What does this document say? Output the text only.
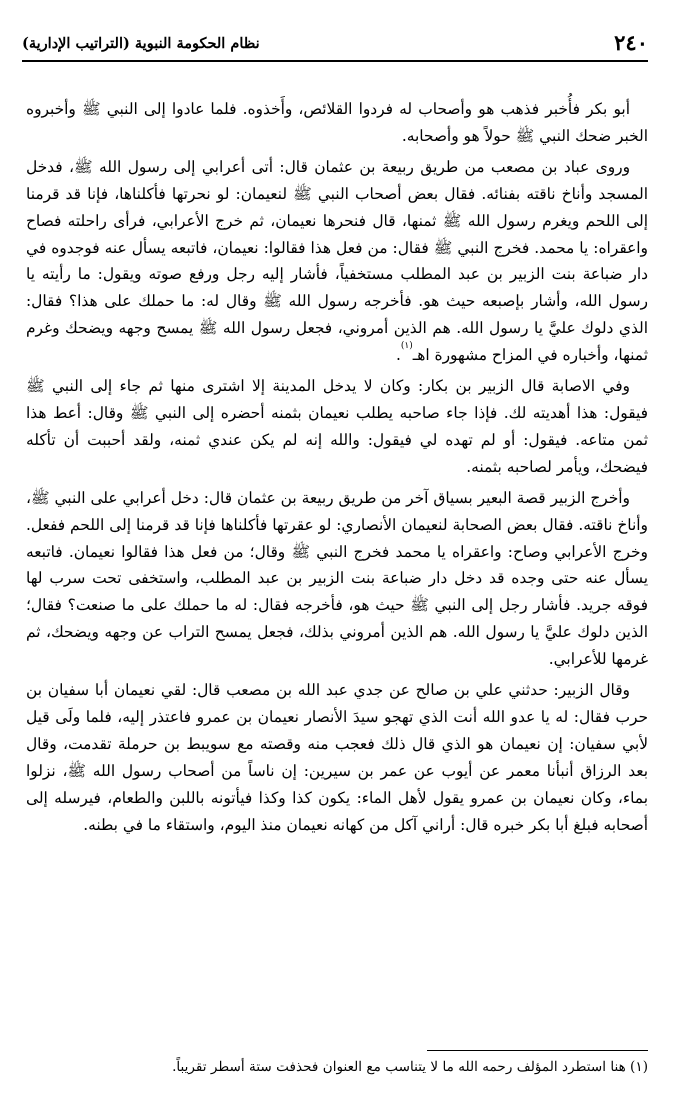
٢٤٠
نظام الحكومة النبوية (التراتيب الإدارية)

أبو بكر فأُخبر فذهب هو وأصحاب له فردوا القلائص، وأَخذوه. فلما عادوا إلى النبي ﷺ وأخبروه الخبر ضحك النبي ﷺ حولاً هو وأصحابه.

وروى عباد بن مصعب من طريق ربيعة بن عثمان قال: أتى أعرابي إلى رسول الله ﷺ، فدخل المسجد وأناخ ناقته بفنائه. فقال بعض أصحاب النبي ﷺ لنعيمان: لو نحرتها فأكلناها، فإنا قد قرمنا إلى اللحم ويغرم رسول الله ﷺ ثمنها، قال فنحرها نعيمان، ثم خرج الأعرابي، فرأى راحلته فصاح واعقراه: يا محمد. فخرج النبي ﷺ فقال: من فعل هذا فقالوا: نعيمان، فاتبعه يسأل عنه فوجدوه في دار ضباعة بنت الزبير بن عبد المطلب مستخفياً، فأشار إليه رجل ورفع صوته ويقول: ما رأيته يا رسول الله، وأشار بإصبعه حيث هو. فأخرجه رسول الله ﷺ وقال له: ما حملك على هذا؟ فقال: الذي دلوك عليَّ يا رسول الله. هم الذين أمروني، فجعل رسول الله ﷺ يمسح وجهه ويضحك وغرم ثمنها، وأخباره في المزاح مشهورة اهـ$^{(١)}$.

وفي الاصابة قال الزبير بن بكار: وكان لا يدخل المدينة إلا اشترى منها ثم جاء إلى النبي ﷺ فيقول: هذا أهديته لك. فإذا جاء صاحبه يطلب نعيمان بثمنه أحضره إلى النبي ﷺ وقال: أعط هذا ثمن متاعه. فيقول: أو لم تهده لي فيقول: والله إنه لم يكن عندي ثمنه، ولقد أحببت أن تأكله فيضحك، ويأمر لصاحبه بثمنه.

وأخرج الزبير قصة البعير بسياق آخر من طريق ربيعة بن عثمان قال: دخل أعرابي على النبي ﷺ، وأناخ ناقته. فقال بعض الصحابة لنعيمان الأنصاري: لو عقرتها فأكلناها فإنا قد قرمنا إلى اللحم ففعل. وخرج الأعرابي وصاح: واعقراه يا محمد فخرج النبي ﷺ وقال؛ من فعل هذا فقالوا نعيمان. فاتبعه يسأل عنه حتى وجده قد دخل دار ضباعة بنت الزبير بن عبد المطلب، واستخفى تحت سرب لها فوقه جريد. فأشار رجل إلى النبي ﷺ حيث هو، فأخرجه فقال: له ما حملك على ما صنعت؟ فقال؛ الذين دلوك عليَّ يا رسول الله. هم الذين أمروني بذلك، فجعل يمسح التراب عن وجهه ويضحك، ثم غرمها للأعرابي.

وقال الزبير: حدثني علي بن صالح عن جدي عبد الله بن مصعب قال: لقي نعيمان أبا سفيان بن حرب فقال: له يا عدو الله أنت الذي تهجو سيدَ الأنصار نعيمان بن عمرو فاعتذر إليه، فلما ولَى قيل لأبي سفيان: إن نعيمان هو الذي قال ذلك فعجب منه وقصته مع سويبط بن حرملة تقدمت، وقال بعد الرزاق أنبأنا معمر عن أيوب عن عمر بن سيرين: إن ناساً من أصحاب رسول الله ﷺ، نزلوا بماء، وكان نعيمان بن عمرو يقول لأهل الماء: يكون كذا وكذا فيأتونه باللبن والطعام، فيرسله إلى أصحابه فبلغ أبا بكر خبره قال: أراني آكل من كهانه نعيمان منذ اليوم، واستقاء ما في بطنه.

(١) هنا استطرد المؤلف رحمه الله ما لا يتناسب مع العنوان فحذفت ستة أسطر تقريباً.
